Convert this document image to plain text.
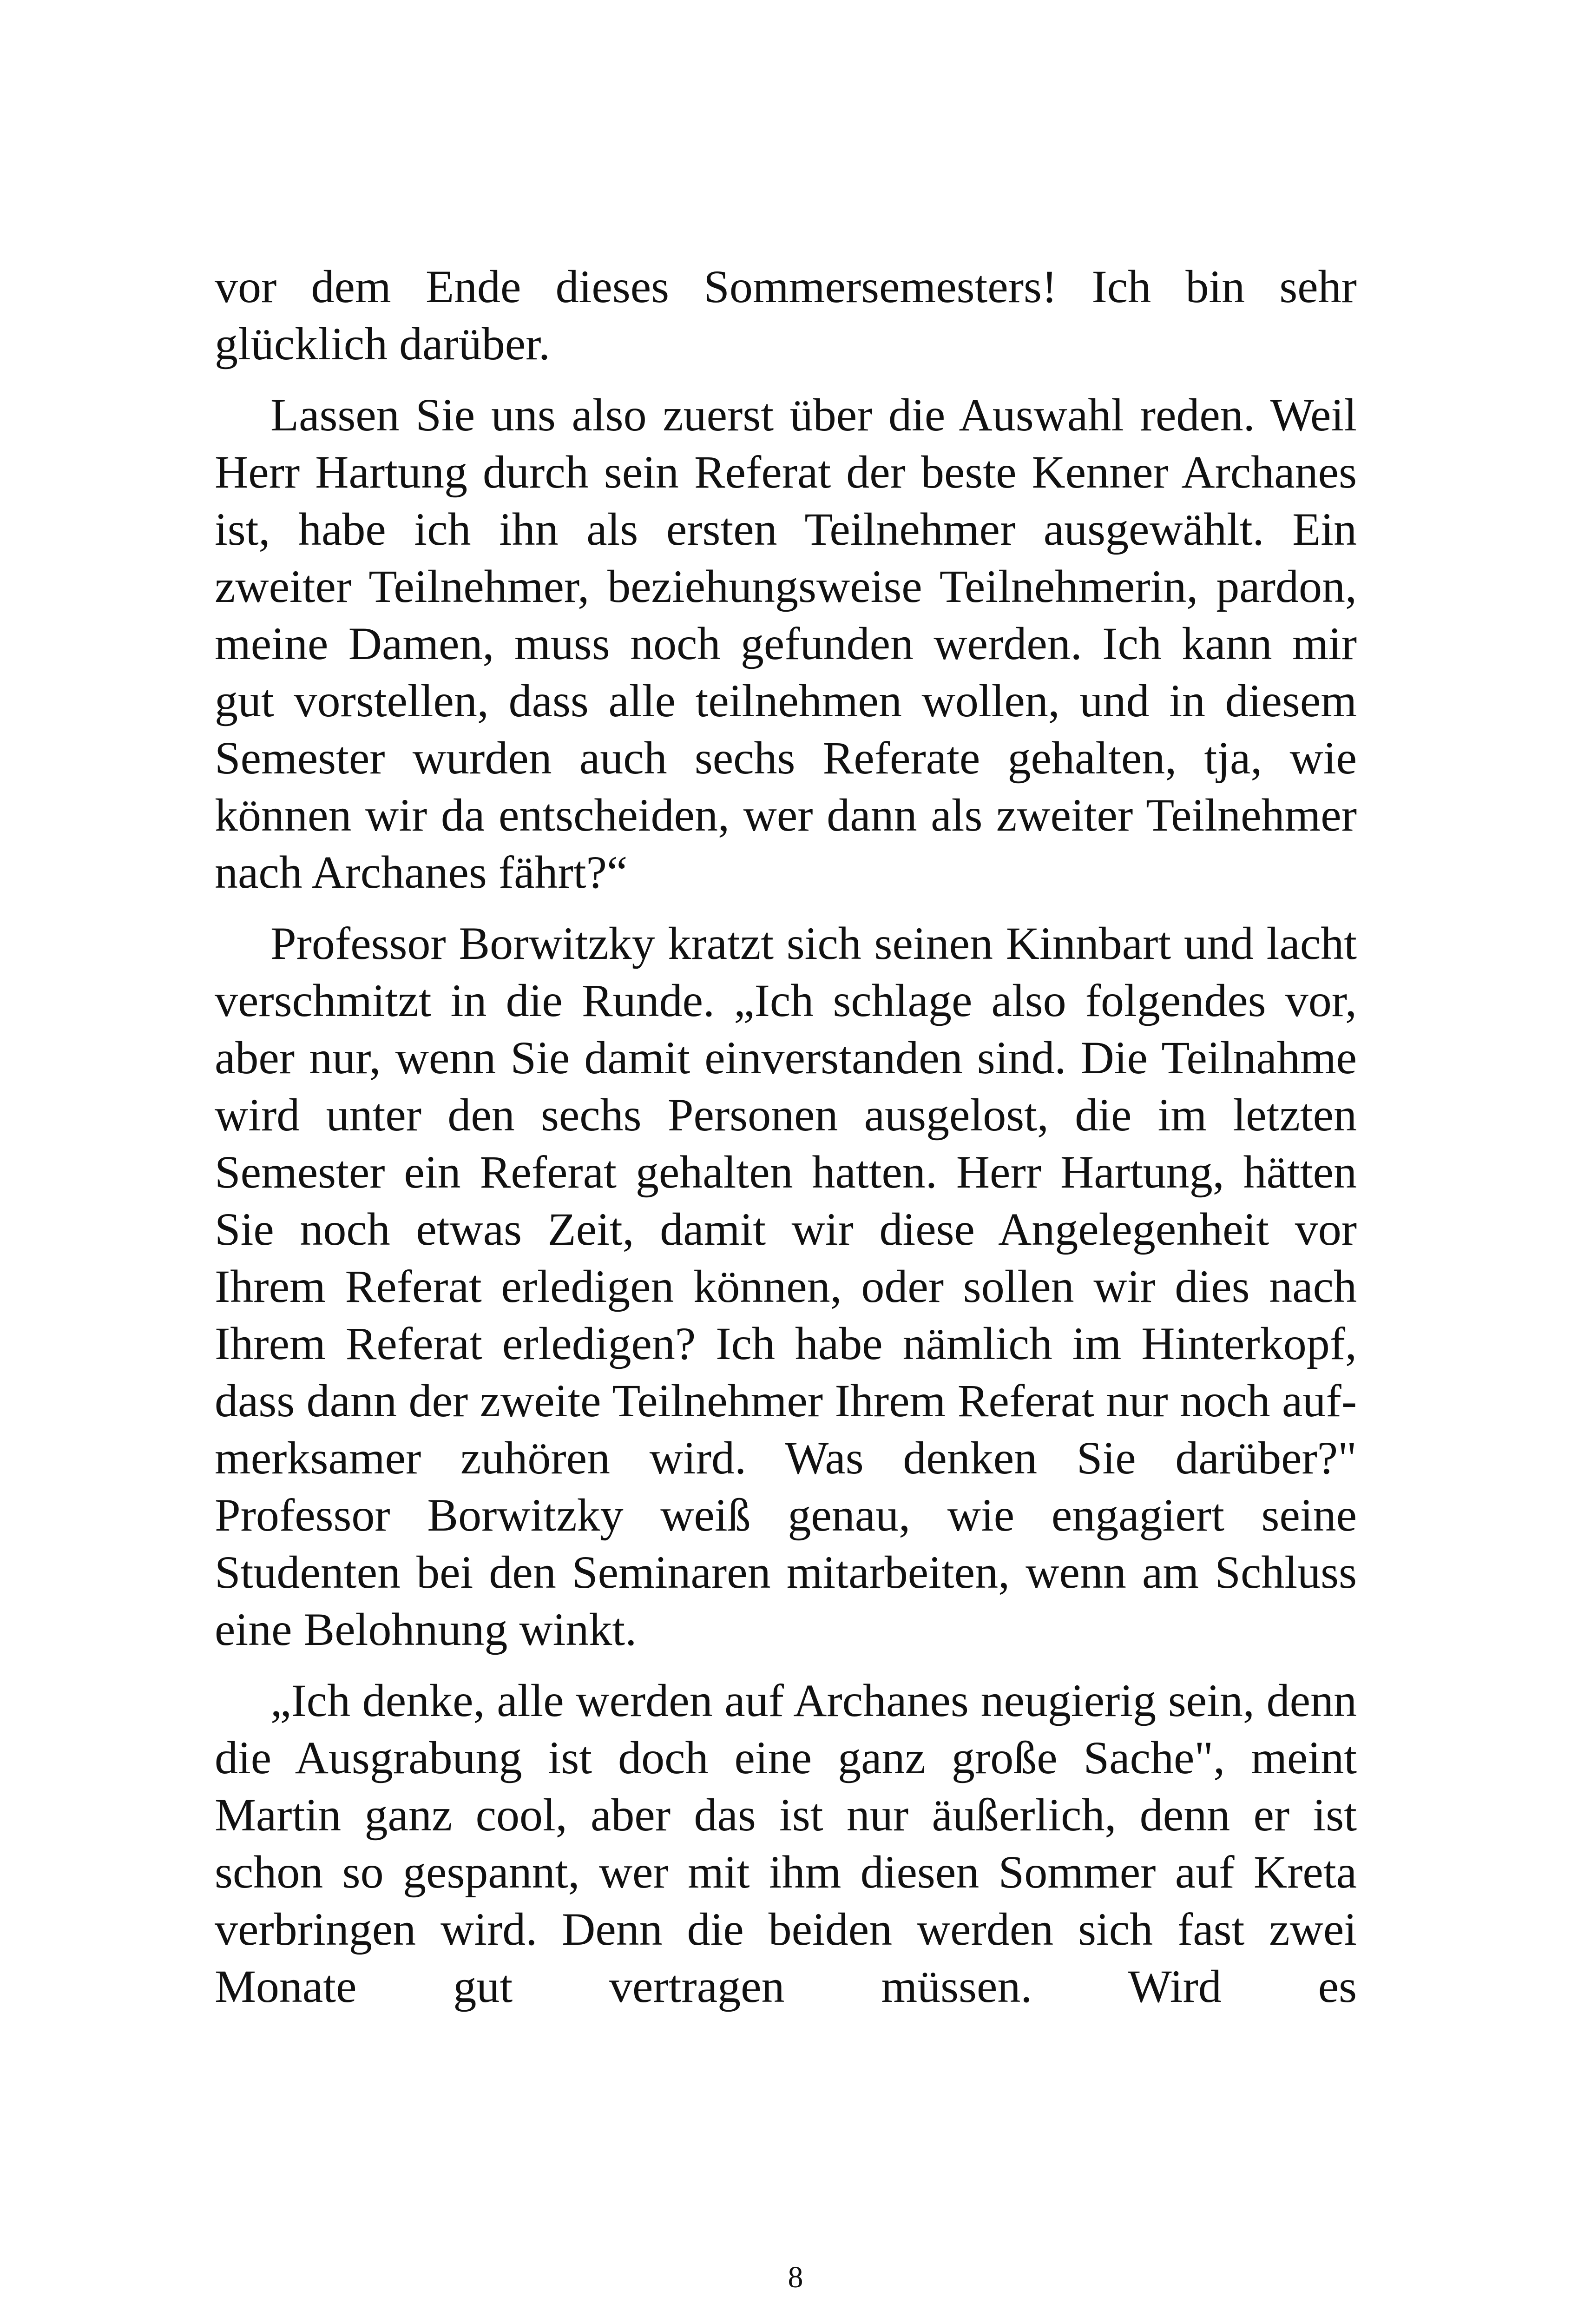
vor dem Ende dieses Sommersemesters! Ich bin sehr glücklich darüber.

Lassen Sie uns also zuerst über die Auswahl reden. Weil Herr Hartung durch sein Referat der beste Kenner Archanes ist, habe ich ihn als ersten Teilnehmer ausgewählt. Ein zweiter Teilnehmer, beziehungsweise Teilnehmerin, pardon, meine Damen, muss noch gefunden werden. Ich kann mir gut vorstellen, dass alle teilnehmen wollen, und in diesem Semester wurden auch sechs Referate gehalten, tja, wie können wir da entscheiden, wer dann als zweiter Teilnehmer nach Archanes fährt?“

Professor Borwitzky kratzt sich seinen Kinnbart und lacht verschmitzt in die Runde. „Ich schlage also folgendes vor, aber nur, wenn Sie damit einverstanden sind. Die Teilnahme wird unter den sechs Personen ausgelost, die im letzten Semester ein Referat gehalten hatten. Herr Hartung, hätten Sie noch etwas Zeit, damit wir diese Angelegenheit vor Ihrem Referat erledigen können, oder sollen wir dies nach Ihrem Referat erledigen? Ich habe nämlich im Hinterkopf, dass dann der zweite Teilnehmer Ihrem Referat nur noch aufmerksamer zuhören wird. Was denken Sie darüber?" Professor Borwitzky weiß genau, wie engagiert seine Studenten bei den Seminaren mitarbeiten, wenn am Schluss eine Belohnung winkt.

„Ich denke, alle werden auf Archanes neugierig sein, denn die Ausgrabung ist doch eine ganz große Sache", meint Martin ganz cool, aber das ist nur äußerlich, denn er ist schon so gespannt, wer mit ihm diesen Sommer auf Kreta verbringen wird. Denn die beiden werden sich fast zwei Monate gut vertragen müssen. Wird es

8
